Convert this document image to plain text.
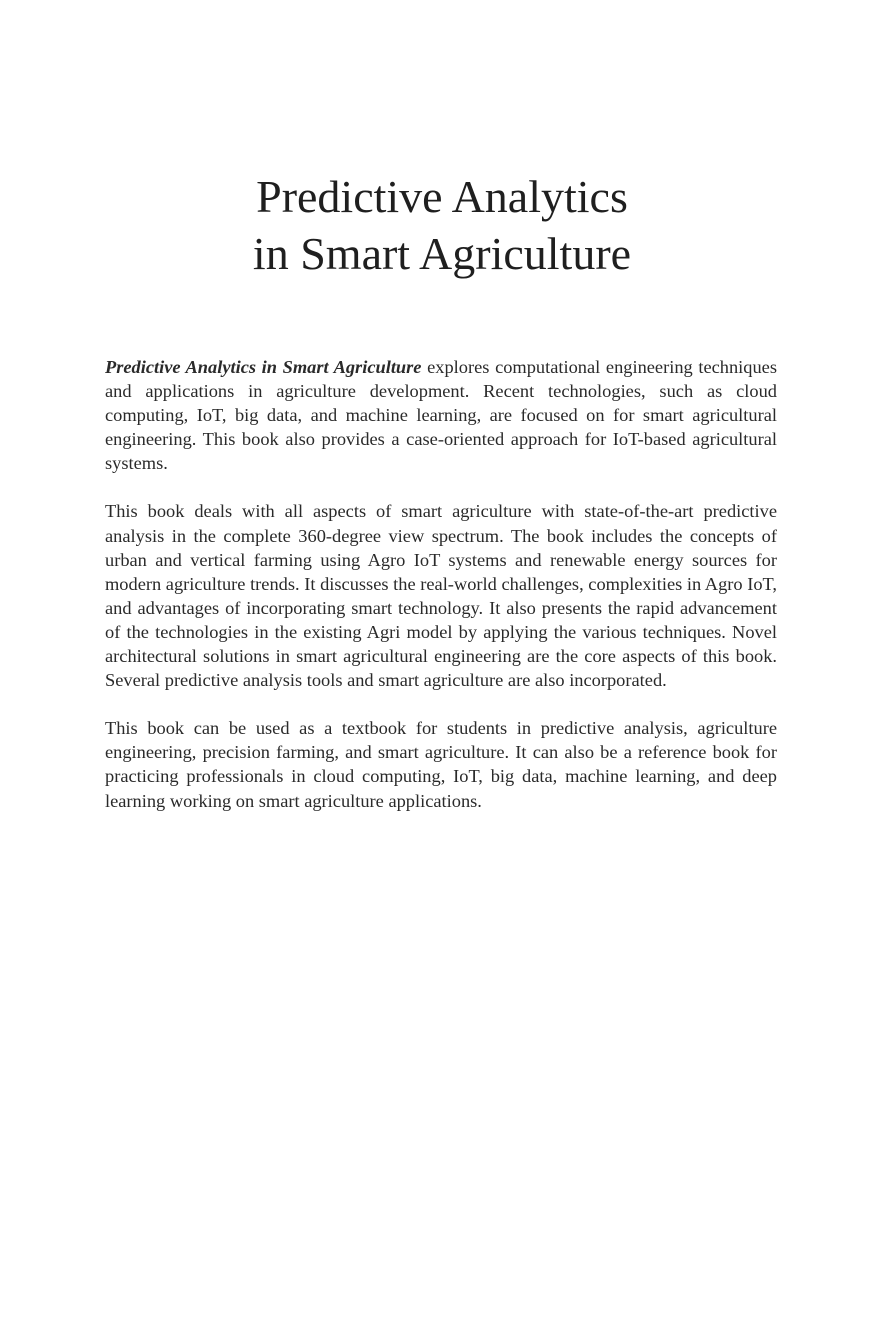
Predictive Analytics
in Smart Agriculture

Predictive Analytics in Smart Agriculture explores computational engineering techniques and applications in agriculture development. Recent technologies, such as cloud computing, IoT, big data, and machine learning, are focused on for smart agricultural engineering. This book also provides a case-oriented approach for IoT-based agricultural systems.

This book deals with all aspects of smart agriculture with state-of-the-art predictive analysis in the complete 360-degree view spectrum. The book includes the concepts of urban and vertical farming using Agro IoT systems and renewable energy sources for modern agriculture trends. It discusses the real-world challenges, complexities in Agro IoT, and advantages of incorporating smart technology. It also presents the rapid advancement of the technologies in the existing Agri model by applying the various techniques. Novel architectural solutions in smart agricultural engineering are the core aspects of this book. Several predictive analysis tools and smart agriculture are also incorporated.

This book can be used as a textbook for students in predictive analysis, agriculture engineering, precision farming, and smart agriculture. It can also be a reference book for practicing professionals in cloud computing, IoT, big data, machine learning, and deep learning working on smart agriculture applications.
